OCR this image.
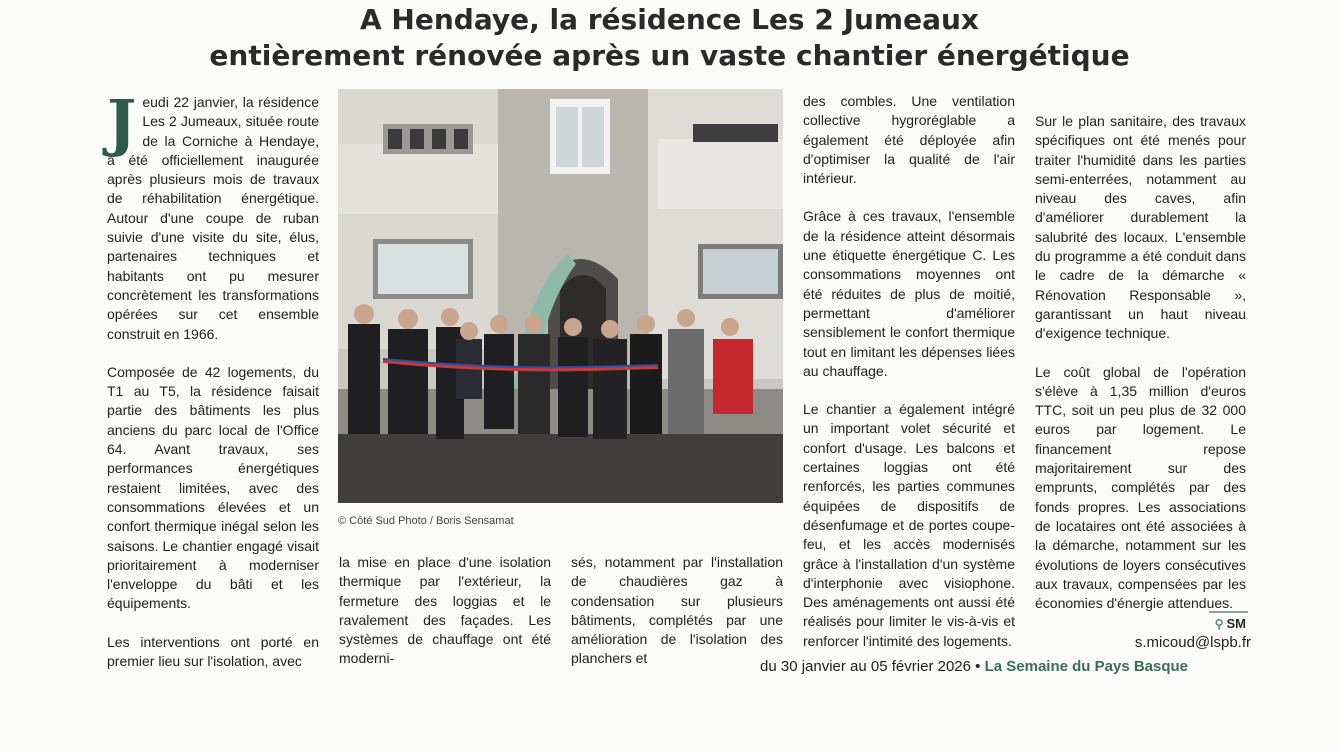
A Hendaye, la résidence Les 2 Jumeaux
entièrement rénovée après un vaste chantier énergétique

Jeudi 22 janvier, la résidence Les 2 Jumeaux, située route de la Corniche à Hendaye, a été officiellement inaugurée après plusieurs mois de travaux de réhabilitation énergétique. Autour d'une coupe de ruban suivie d'une visite du site, élus, partenaires techniques et habitants ont pu mesurer concrètement les transformations opérées sur cet ensemble construit en 1966.

Composée de 42 logements, du T1 au T5, la résidence faisait partie des bâtiments les plus anciens du parc local de l'Office 64. Avant travaux, ses performances énergétiques restaient limitées, avec des consommations élevées et un confort thermique inégal selon les saisons. Le chantier engagé visait prioritairement à moderniser l'enveloppe du bâti et les équipements.

Les interventions ont porté en premier lieu sur l'isolation, avec

© Côté Sud Photo / Boris Sensamat

la mise en place d'une isolation thermique par l'extérieur, la fermeture des loggias et le ravalement des façades. Les systèmes de chauffage ont été moderni-

sés, notamment par l'installation de chaudières gaz à condensation sur plusieurs bâtiments, complétés par une amélioration de l'isolation des planchers et

des combles. Une ventilation collective hygroréglable a également été déployée afin d'optimiser la qualité de l'air intérieur.

Grâce à ces travaux, l'ensemble de la résidence atteint désormais une étiquette énergétique C. Les consommations moyennes ont été réduites de plus de moitié, permettant d'améliorer sensiblement le confort thermique tout en limitant les dépenses liées au chauffage.

Le chantier a également intégré un important volet sécurité et confort d'usage. Les balcons et certaines loggias ont été renforcés, les parties communes équipées de dispositifs de désenfumage et de portes coupe-feu, et les accès modernisés grâce à l'installation d'un système d'interphonie avec visiophone. Des aménagements ont aussi été réalisés pour limiter le vis-à-vis et renforcer l'intimité des logements.

Sur le plan sanitaire, des travaux spécifiques ont été menés pour traiter l'humidité dans les parties semi-enterrées, notamment au niveau des caves, afin d'améliorer durablement la salubrité des locaux. L'ensemble du programme a été conduit dans le cadre de la démarche « Rénovation Responsable », garantissant un haut niveau d'exigence technique.

Le coût global de l'opération s'élève à 1,35 million d'euros TTC, soit un peu plus de 32 000 euros par logement. Le financement repose majoritairement sur des emprunts, complétés par des fonds propres. Les associations de locataires ont été associées à la démarche, notamment sur les évolutions de loyers consécutives aux travaux, compensées par les économies d'énergie attendues.

⚲ SM
s.micoud@lspb.fr
du 30 janvier au 05 février 2026 • La Semaine du Pays Basque
